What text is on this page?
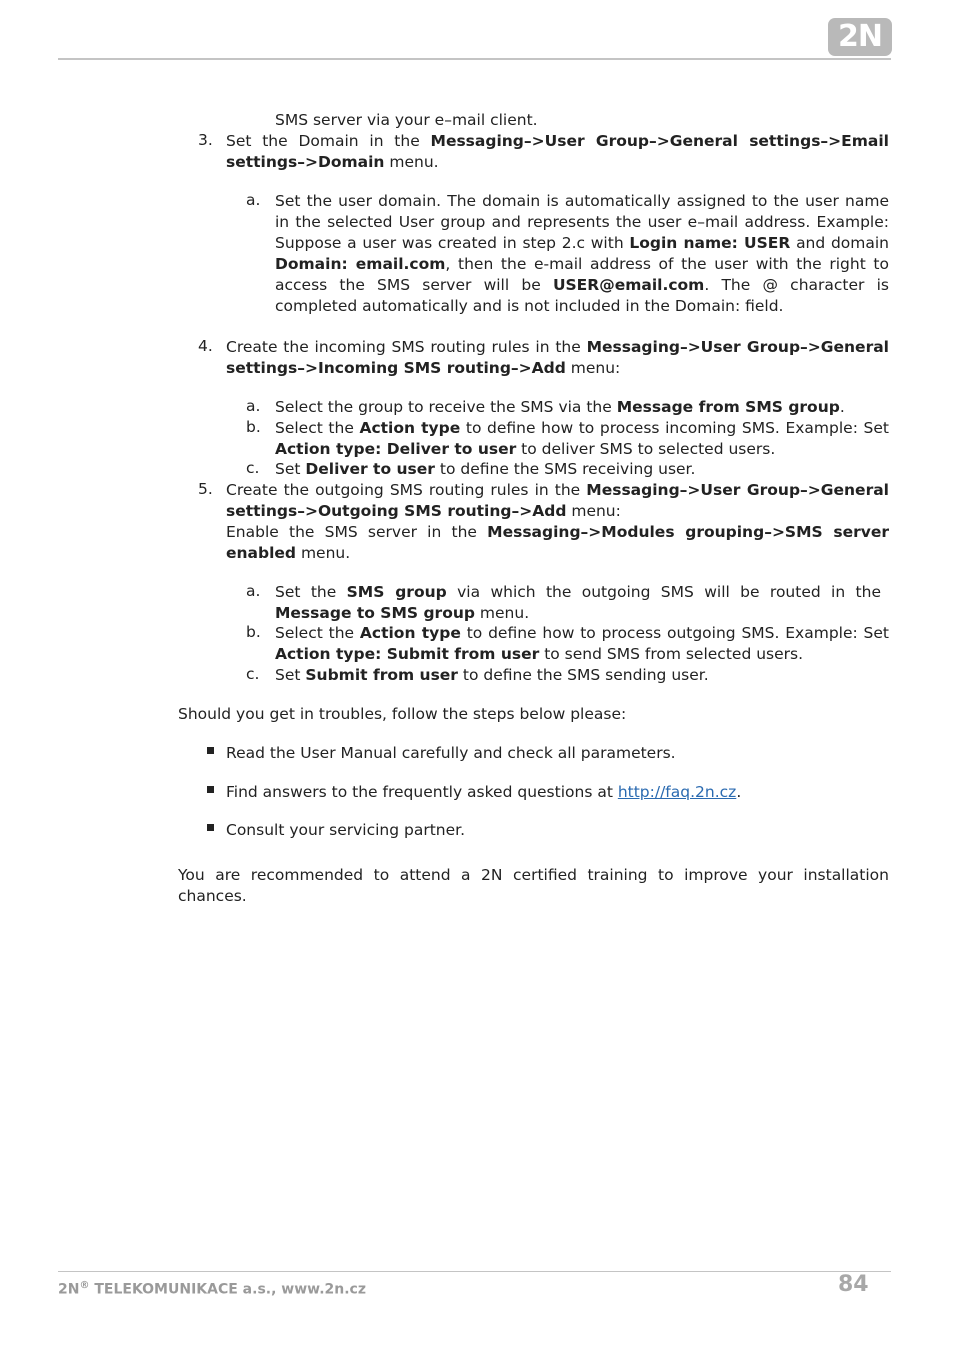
2N
SMS server via your e–mail client.
3. Set the Domain in the Messaging–>User Group–>General settings–>Email settings–>Domain menu.
a. Set the user domain. The domain is automatically assigned to the user name in the selected User group and represents the user e–mail address. Example: Suppose a user was created in step 2.c with Login name: USER and domain Domain: email.com, then the e-mail address of the user with the right to access the SMS server will be USER@email.com. The @ character is completed automatically and is not included in the Domain: field.
4. Create the incoming SMS routing rules in the Messaging–>User Group–>General settings–>Incoming SMS routing–>Add menu:
a. Select the group to receive the SMS via the Message from SMS group.
b. Select the Action type to define how to process incoming SMS. Example: Set Action type: Deliver to user to deliver SMS to selected users.
c.	Set Deliver to user to define the SMS receiving user.
5. Create the outgoing SMS routing rules in the Messaging–>User Group–>General settings–>Outgoing SMS routing–>Add menu:
Enable the SMS server in the Messaging–>Modules grouping–>SMS server enabled menu.
a. Set the SMS group via which the outgoing SMS will be routed in the Message to SMS group menu.
b. Select the Action type to define how to process outgoing SMS. Example: Set Action type: Submit from user to send SMS from selected users.
c.	Set Submit from user to define the SMS sending user.
Should you get in troubles, follow the steps below please:
Read the User Manual carefully and check all parameters.
Find answers to the frequently asked questions at http://faq.2n.cz.
Consult your servicing partner.
You are recommended to attend a 2N certified training to improve your installation chances.
2N® TELEKOMUNIKACE a.s., www.2n.cz	84
